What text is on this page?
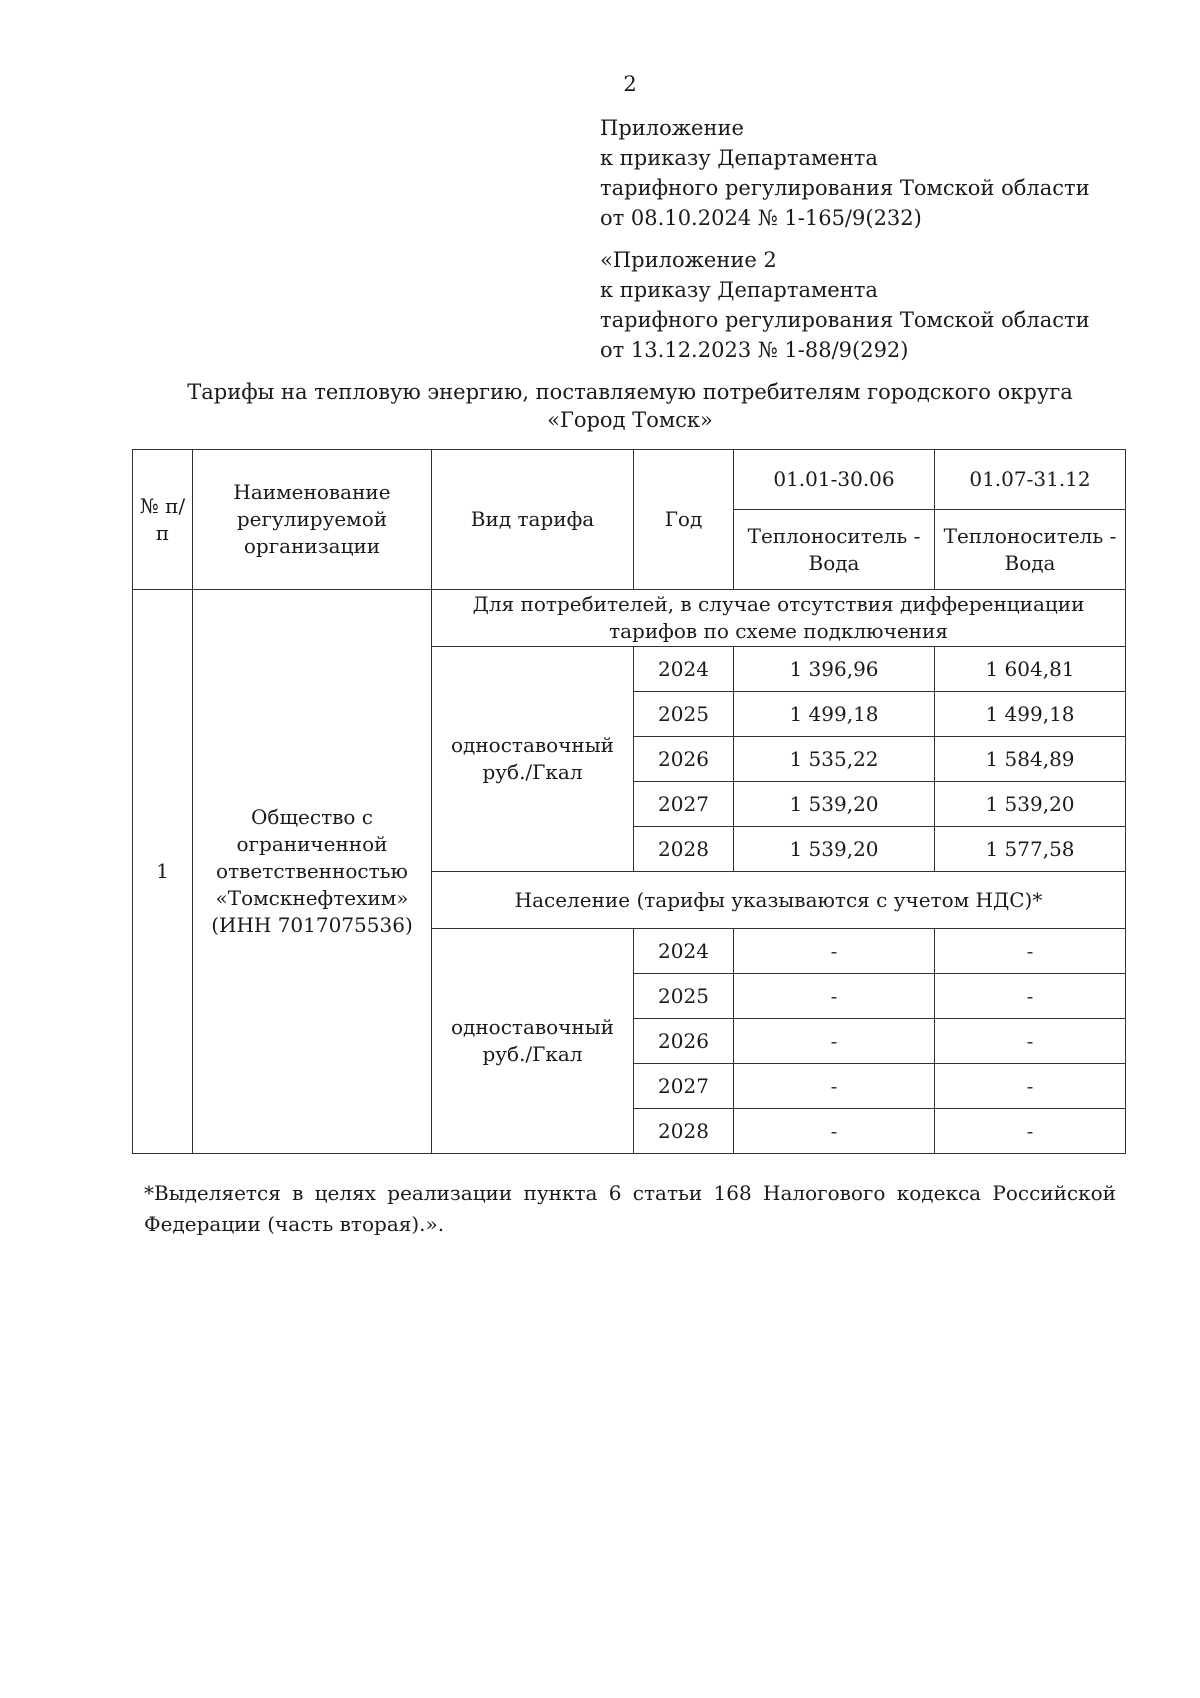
2
Приложение
к приказу Департамента
тарифного регулирования Томской области
от 08.10.2024 № 1-165/9(232)
«Приложение 2
к приказу Департамента
тарифного регулирования Томской области
от 13.12.2023 № 1-88/9(292)
Тарифы на тепловую энергию, поставляемую потребителям городского округа
«Город Томск»
№ п/п	Наименование регулируемой организации	Вид тарифа	Год	01.01-30.06	01.07-31.12
				Теплоноситель - Вода	Теплоноситель - Вода
1	Общество с ограниченной ответственностью «Томскнефтехим» (ИНН 7017075536)	Для потребителей, в случае отсутствия дифференциации тарифов по схеме подключения			
		одноставочный руб./Гкал	2024	1 396,96	1 604,81
			2025	1 499,18	1 499,18
			2026	1 535,22	1 584,89
			2027	1 539,20	1 539,20
			2028	1 539,20	1 577,58
		Население (тарифы указываются с учетом НДС)*			
		одноставочный руб./Гкал	2024	-	-
			2025	-	-
			2026	-	-
			2027	-	-
			2028	-	-
*Выделяется в целях реализации пункта 6 статьи 168 Налогового кодекса Российской Федерации (часть вторая).».
